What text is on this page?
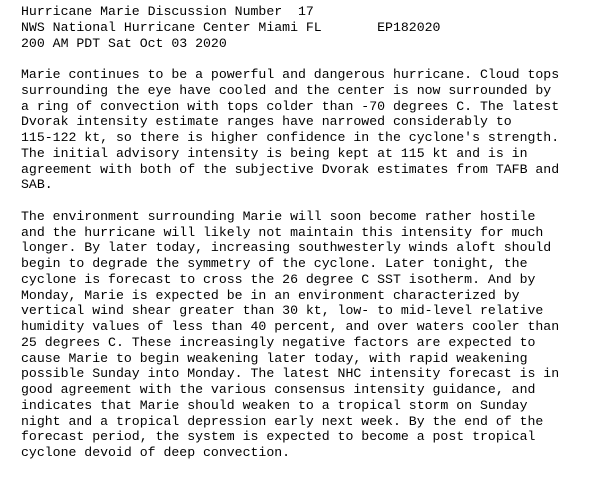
Hurricane Marie Discussion Number  17
NWS National Hurricane Center Miami FL       EP182020
200 AM PDT Sat Oct 03 2020
Marie continues to be a powerful and dangerous hurricane. Cloud tops
surrounding the eye have cooled and the center is now surrounded by
a ring of convection with tops colder than -70 degrees C. The latest
Dvorak intensity estimate ranges have narrowed considerably to
115-122 kt, so there is higher confidence in the cyclone's strength.
The initial advisory intensity is being kept at 115 kt and is in
agreement with both of the subjective Dvorak estimates from TAFB and
SAB.
The environment surrounding Marie will soon become rather hostile
and the hurricane will likely not maintain this intensity for much
longer. By later today, increasing southwesterly winds aloft should
begin to degrade the symmetry of the cyclone. Later tonight, the
cyclone is forecast to cross the 26 degree C SST isotherm. And by
Monday, Marie is expected be in an environment characterized by
vertical wind shear greater than 30 kt, low- to mid-level relative
humidity values of less than 40 percent, and over waters cooler than
25 degrees C. These increasingly negative factors are expected to
cause Marie to begin weakening later today, with rapid weakening
possible Sunday into Monday. The latest NHC intensity forecast is in
good agreement with the various consensus intensity guidance, and
indicates that Marie should weaken to a tropical storm on Sunday
night and a tropical depression early next week. By the end of the
forecast period, the system is expected to become a post tropical
cyclone devoid of deep convection.
